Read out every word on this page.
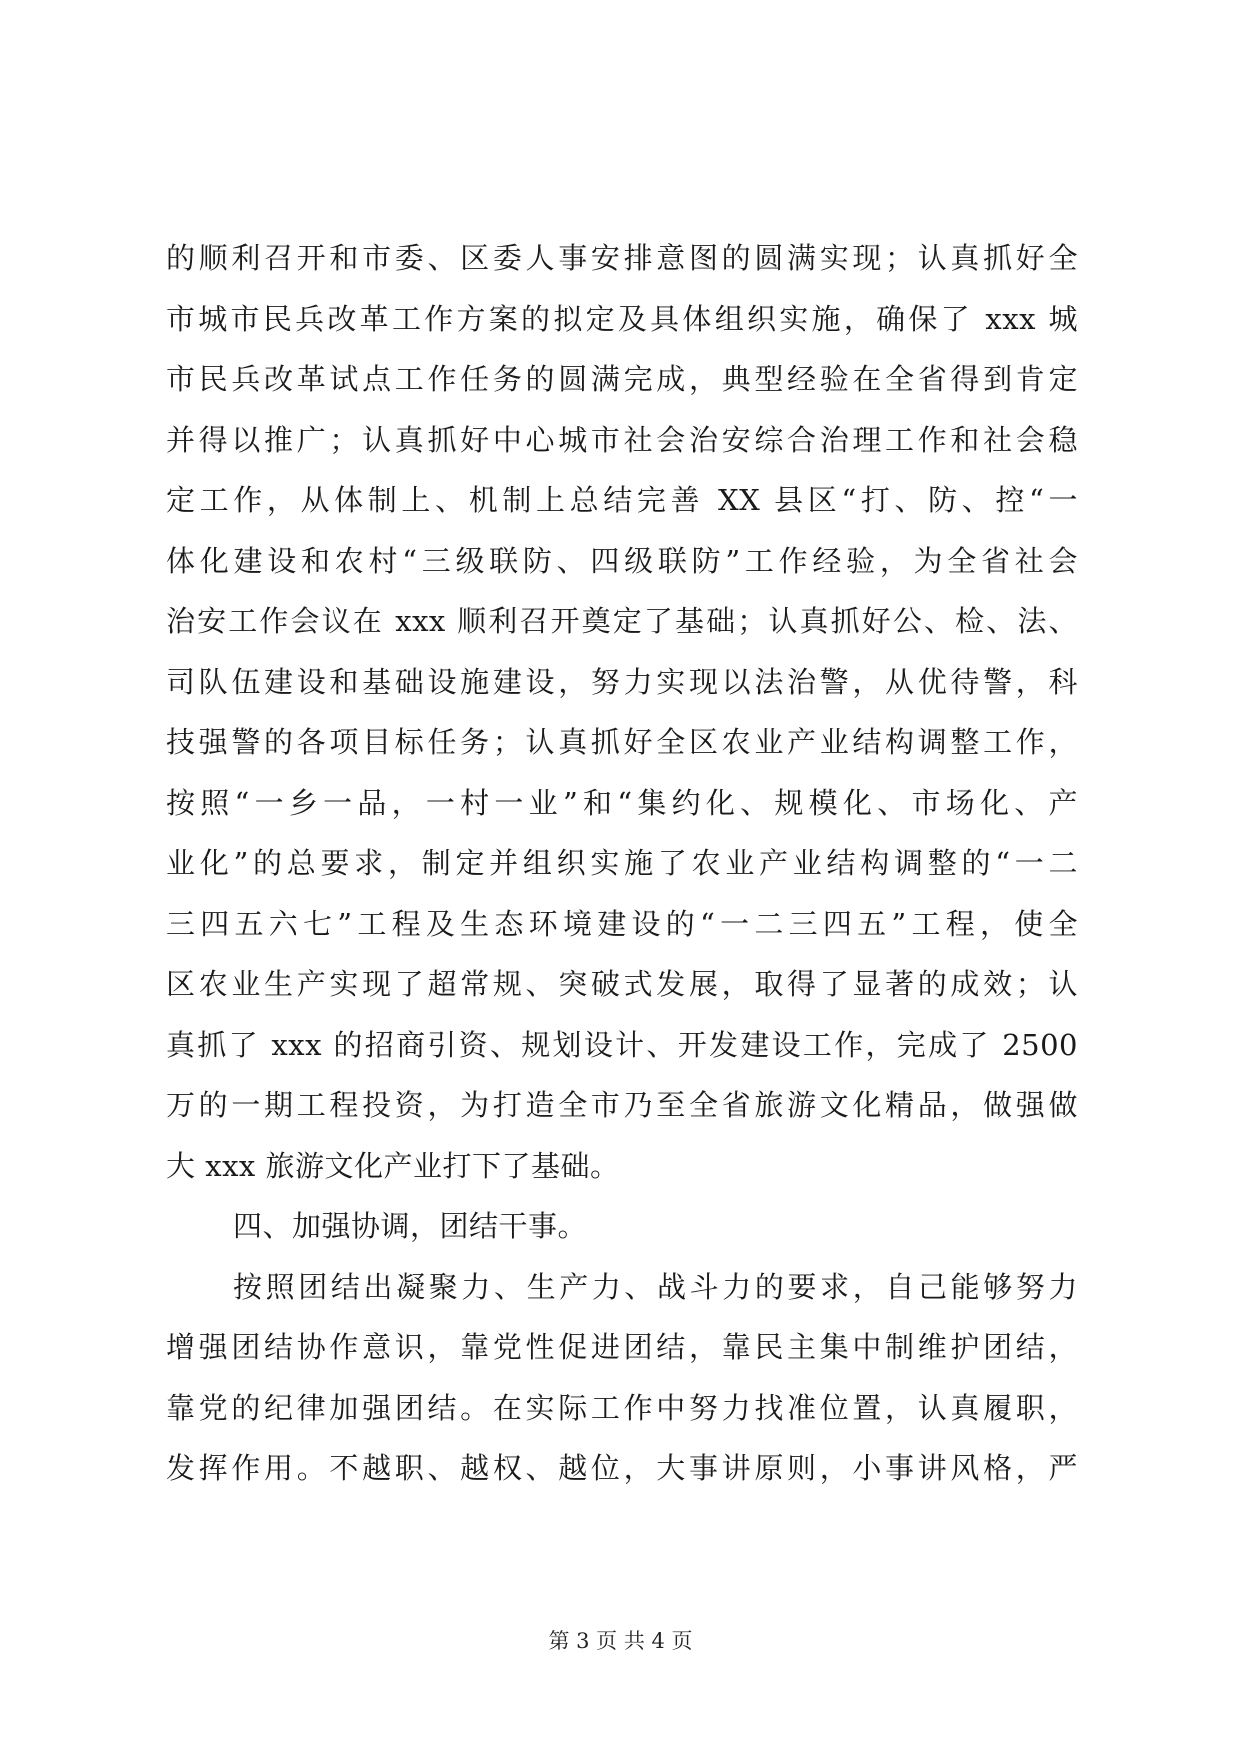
的顺利召开和市委、区委人事安排意图的圆满实现；认真抓好全
市城市民兵改革工作方案的拟定及具体组织实施，确保了 xxx 城
市民兵改革试点工作任务的圆满完成，典型经验在全省得到肯定
并得以推广；认真抓好中心城市社会治安综合治理工作和社会稳
定工作，从体制上、机制上总结完善 XX 县区“打、防、控“一
体化建设和农村“三级联防、四级联防”工作经验，为全省社会
治安工作会议在 xxx 顺利召开奠定了基础；认真抓好公、检、法、
司队伍建设和基础设施建设，努力实现以法治警，从优待警，科
技强警的各项目标任务；认真抓好全区农业产业结构调整工作，
按照“一乡一品，一村一业”和“集约化、规模化、市场化、产
业化”的总要求，制定并组织实施了农业产业结构调整的“一二
三四五六七”工程及生态环境建设的“一二三四五”工程，使全
区农业生产实现了超常规、突破式发展，取得了显著的成效；认
真抓了 xxx 的招商引资、规划设计、开发建设工作，完成了 2500
万的一期工程投资，为打造全市乃至全省旅游文化精品，做强做
大 xxx 旅游文化产业打下了基础。
四、加强协调，团结干事。
按照团结出凝聚力、生产力、战斗力的要求，自己能够努力
增强团结协作意识，靠党性促进团结，靠民主集中制维护团结，
靠党的纪律加强团结。在实际工作中努力找准位置，认真履职，
发挥作用。不越职、越权、越位，大事讲原则，小事讲风格，严
第 3 页 共 4 页
